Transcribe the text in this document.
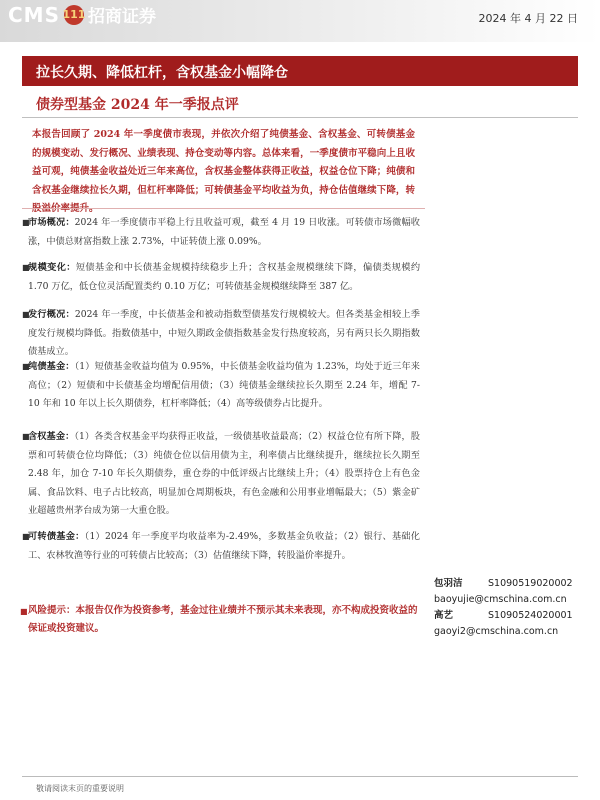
CMS 111 招商证券	2024 年 4 月 22 日
拉长久期、降低杠杆，含权基金小幅降仓
债券型基金 2024 年一季报点评
本报告回顾了 2024 年一季度债市表现，并依次介绍了纯债基金、含权基金、可转债基金的规模变动、发行概况、业绩表现、持仓变动等内容。总体来看，一季度债市平稳向上且收益可观，纯债基金收益处近三年来高位，含权基金整体获得正收益，权益仓位下降；纯债和含权基金继续拉长久期，但杠杆率降低；可转债基金平均收益为负，持仓估值继续下降，转
■
市场概况：2024 年一季度债市平稳上行且收益可观，截至 4 月 19 日收涨。可转债市场微幅收涨，中债总财富指数上涨 2.73%，中证转债上涨 0.09%。
■
规模变化：短债基金和中长债基金规模持续稳步上升；含权基金规模继续下降，偏债类规模约 1.70 万亿，低仓位灵活配置类约 0.10 万亿；可转债基金规模继续降至 387 亿。
■
发行概况：2024 年一季度，中长债基金和被动指数型债基发行规模较大。但各类基金相较上季度发行规模均降低。指数债基中，中短久期政金债指数基金发行热度较高，另有两只长久期指数债基成立。
■
纯债基金：（1）短债基金收益均值为 0.95%，中长债基金收益均值为 1.23%，均处于近三年来高位；（2）短债和中长债基金均增配信用债；（3）纯债基金继续拉长久期至 2.24 年，增配 7-10 年和 10 年以上长久期债券，杠杆率降低；（4）高等级债券占比提升。
■
含权基金：（1）各类含权基金平均获得正收益，一级债基收益最高；（2）权益仓位有所下降，股票和可转债仓位均降低；（3）纯债仓位以信用债为主，利率债占比继续提升，继续拉长久期至 2.48 年，加仓 7-10 年长久期债券，重仓券的中低评级占比继续上升；（4）股票持仓上有色金属、食品饮料、电子占比较高，明显加仓周期板块，有色金融和公用事业增幅最大；（5）紫金矿业超越贵州茅台成为第一大重仓股。
■
可转债基金：（1）2024 年一季度平均收益率为-2.49%，多数基金负收益；（2）银行、基础化工、农林牧渔等行业的可转债占比较高；（3）估值继续下降，转股溢价率提升。
包羽洁	S1090519020002
baoyujie@cmschina.com.cn
高艺	S1090524020001
gaoyi2@cmschina.com.cn
■ 风险提示：本报告仅作为投资参考，基金过往业绩并不预示其未来表现，亦不构成投资收益的保证或投资建议。
敬请阅读末页的重要说明
